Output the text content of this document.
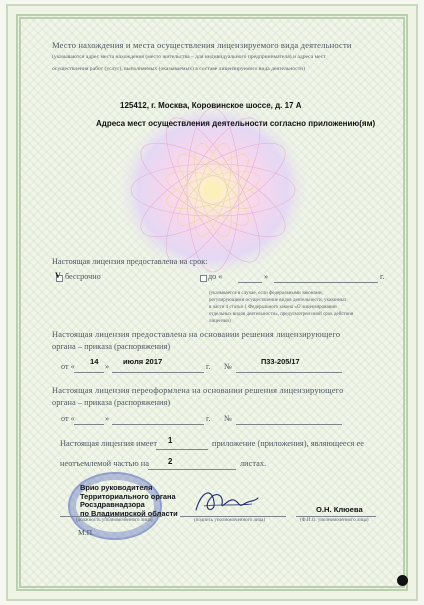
Место нахождения и места осуществления лицензируемого вида деятельности
(указываются адрес места нахождения (место жительства – для индивидуального предпринимателя) и адреса мест
осуществления работ (услуг), выполняемых (оказываемых) в составе лицензируемого вида деятельности)
125412, г. Москва, Коровинское шоссе, д. 17 А
Адреса мест осуществления деятельности согласно приложению(ям)
Настоящая лицензия предоставлена на срок:
V бессрочно	до «	»	г.
(указывается в случае, если федеральными законами,
регулирующими осуществление видов деятельности, указанных
в части 4 статьи 1 Федерального закона «О лицензировании
отдельных видов деятельности», предусмотрен иной срок действия
лицензии)
Настоящая лицензия предоставлена на основании решения лицензирующего
органа – приказа (распоряжения)
от «
14
»
июля 2017
г. №
П33-205/17
Настоящая лицензия переоформлена на основании решения лицензирующего
органа – приказа (распоряжения)
от «	»	г. №
Настоящая лицензия имеет 1	приложение (приложения), являющееся ее
неотъемлемой частью на 2	листах.
Врио руководителя
Территориального органа
Росздравнадзора
по Владимирской области
(должность уполномоченного лица)	(подпись уполномоченного лица)
О.Н. Клюева
(Ф.И.О. уполномоченного лица)
М.П.
